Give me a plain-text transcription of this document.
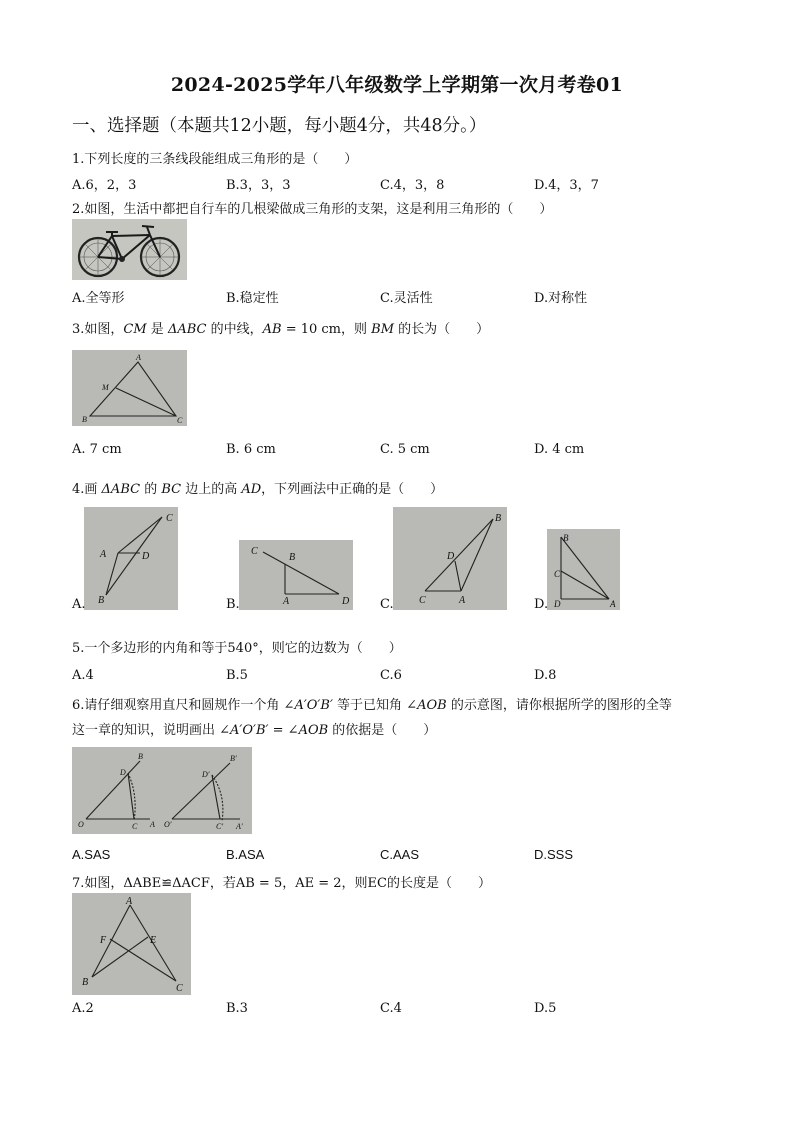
2024-2025学年八年级数学上学期第一次月考卷01
一、选择题（本题共12小题，每小题4分，共48分。）
1.下列长度的三条线段能组成三角形的是（　　）
A.6，2，3	B.3，3，3	C.4，3，8	D.4，3，7
2.如图，生活中都把自行车的几根梁做成三角形的支架，这是利用三角形的（　　）
A.全等形	B.稳定性	C.灵活性	D.对称性
3.如图，CM 是 ΔABC 的中线，AB = 10 cm，则 BM 的长为（　　）
A
M
B	C
A. 7 cm	B. 6 cm	C. 5 cm	D. 4 cm
4.画 ΔABC 的 BC 边上的高 AD，下列画法中正确的是（　　）
C
A	D
B
A.
C
B
A	D
B.
B
D
C	A
C.
B
C
D	A
D.
5.一个多边形的内角和等于540°，则它的边数为（　　）
A.4	B.5	C.6	D.8
6.请仔细观察用直尺和圆规作一个角 ∠A′O′B′ 等于已知角 ∠AOB 的示意图，请你根据所学的图形的全等
这一章的知识，说明画出 ∠A′O′B′ = ∠AOB 的依据是（　　）
B
D
O	C A
B′
D′
O′	C′ A′
A.SAS	B.ASA	C.AAS	D.SSS
7.如图，ΔABE≌ΔACF，若AB = 5，AE = 2，则EC的长度是（　　）
A
F	E
B
C
A.2	B.3	C.4	D.5
